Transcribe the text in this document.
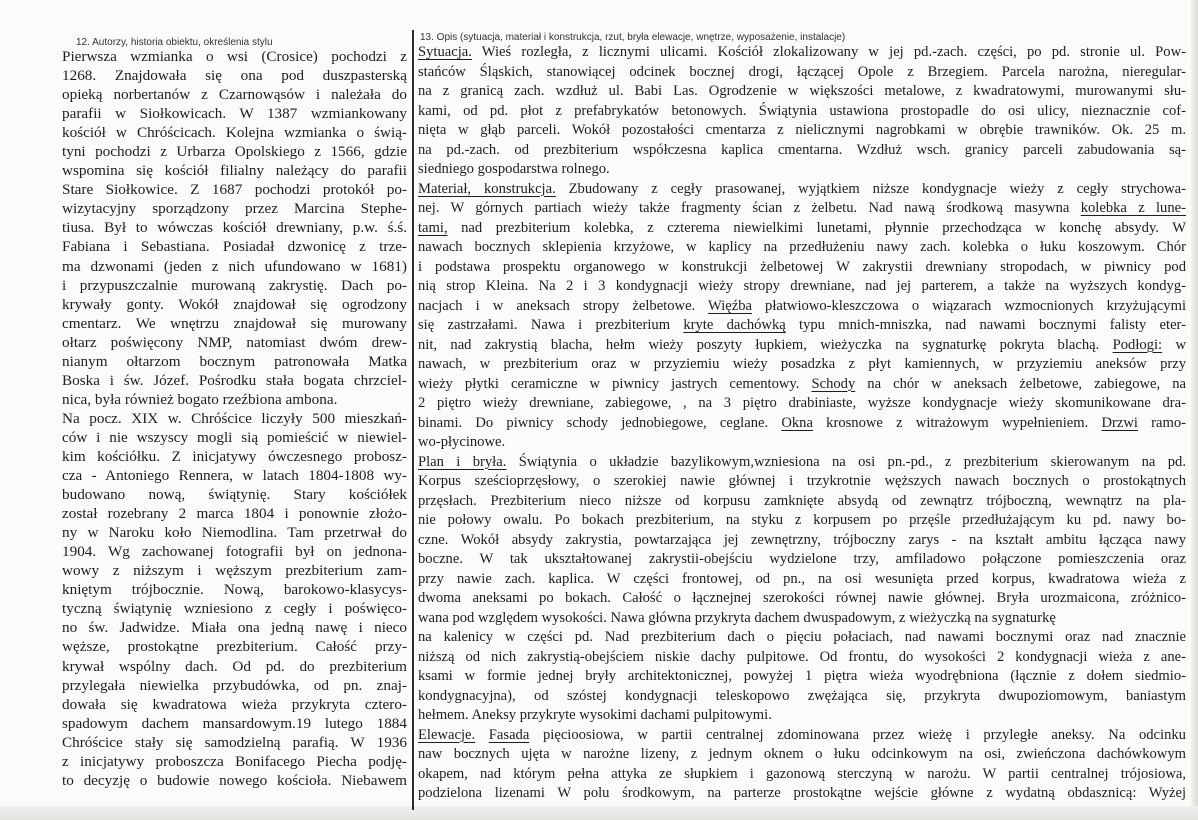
12. Autorzy, historia obiektu, określenia stylu	13. Opis (sytuacja, materiał i konstrukcja, rzut, bryła elewacje, wnętrze, wyposażenie, instalacje)
Pierwsza wzmianka o wsi (Crosice) pochodzi z
1268. Znajdowała się ona pod duszpasterską
opieką norbertanów z Czarnowąsów i należała do
parafii w Siołkowicach. W 1387 wzmiankowany
kościół w Chróścicach. Kolejna wzmianka o świą-
tyni pochodzi z Urbarza Opolskiego z 1566, gdzie
wspomina się kościół filialny należący do parafii
Stare Siołkowice. Z 1687 pochodzi protokół po-
wizytacyjny sporządzony przez Marcina Stephe-
tiusa. Był to wówczas kościół drewniany, p.w. ś.ś.
Fabiana i Sebastiana. Posiadał dzwonicę z trze-
ma dzwonami (jeden z nich ufundowano w 1681)
i przypuszczalnie murowaną zakrystię. Dach po-
krywały gonty. Wokół znajdował się ogrodzony
cmentarz. We wnętrzu znajdował się murowany
ołtarz poświęcony NMP, natomiast dwóm drew-
nianym ołtarzom bocznym patronowała Matka
Boska i św. Józef. Pośrodku stała bogata chrzciel-
nica, była również bogato rzeźbiona ambona.
Na pocz. XIX w. Chróścice liczyły 500 mieszkań-
ców i nie wszyscy mogli sią pomieścić w niewiel-
kim kościółku. Z inicjatywy ówczesnego probosz-
cza - Antoniego Rennera, w latach 1804-1808 wy-
budowano nową, świątynię. Stary kościółek
został rozebrany 2 marca 1804 i ponownie złożo-
ny w Naroku koło Niemodlina. Tam przetrwał do
1904. Wg zachowanej fotografii był on jednona-
wowy z niższym i węższym prezbiterium zam-
kniętym trójbocznie. Nową, barokowo-klasycys-
tyczną świątynię wzniesiono z cegły i poświęco-
no św. Jadwidze. Miała ona jedną nawę i nieco
węższe, prostokątne prezbiterium. Całość przy-
krywał wspólny dach. Od pd. do prezbiterium
przylegała niewielka przybudówka, od pn. znaj-
dowała się kwadratowa wieża przykryta cztero-
spadowym dachem mansardowym.19 lutego 1884
Chróścice stały się samodzielną parafią. W 1936
z inicjatywy proboszcza Bonifacego Piecha podję-
to decyzję o budowie nowego kościoła. Niebawem
Sytuacja. Wieś rozległa, z licznymi ulicami. Kościół zlokalizowany w jej pd.-zach. części, po pd. stronie ul. Pow-
stańców Śląskich, stanowiącej odcinek bocznej drogi, łączącej Opole z Brzegiem. Parcela narożna, nieregular-
na z granicą zach. wzdłuż ul. Babi Las. Ogrodzenie w większości metalowe, z kwadratowymi, murowanymi słu-
kami, od pd. płot z prefabrykatów betonowych. Świątynia ustawiona prostopadle do osi ulicy, nieznacznie cof-
nięta w głąb parceli. Wokół pozostałości cmentarza z nielicznymi nagrobkami w obrębie trawników. Ok. 25 m.
na pd.-zach. od prezbiterium współczesna kaplica cmentarna. Wzdłuż wsch. granicy parceli zabudowania są-
siedniego gospodarstwa rolnego.
Materiał, konstrukcja. Zbudowany z cegły prasowanej, wyjątkiem niższe kondygnacje wieży z cegły strychowa-
nej. W górnych partiach wieży także fragmenty ścian z żelbetu. Nad nawą środkową masywna kolebka z lune-
tami, nad prezbiterium kolebka, z czterema niewielkimi lunetami, płynnie przechodząca w konchę absydy. W
nawach bocznych sklepienia krzyżowe, w kaplicy na przedłużeniu nawy zach. kolebka o łuku koszowym. Chór
i podstawa prospektu organowego w konstrukcji żelbetowej W zakrystii drewniany stropodach, w piwnicy pod
nią strop Kleina. Na 2 i 3 kondygnacji wieży stropy drewniane, nad jej parterem, a także na wyższych kondyg-
nacjach i w aneksach stropy żelbetowe. Więźba płatwiowo-kleszczowa o wiązarach wzmocnionych krzyżującymi
się zastrzałami. Nawa i prezbiterium kryte dachówką typu mnich-mniszka, nad nawami bocznymi falisty eter-
nit, nad zakrystią blacha, hełm wieży poszyty łupkiem, wieżyczka na sygnaturkę pokryta blachą. Podłogi: w
nawach, w prezbiterium oraz w przyziemiu wieży posadzka z płyt kamiennych, w przyziemiu aneksów przy
wieży płytki ceramiczne w piwnicy jastrych cementowy. Schody na chór w aneksach żelbetowe, zabiegowe, na
2 piętro wieży drewniane, zabiegowe, , na 3 piętro drabiniaste, wyższe kondygnacje wieży skomunikowane dra-
binami. Do piwnicy schody jednobiegowe, ceglane. Okna krosnowe z witrażowym wypełnieniem. Drzwi ramo-
wo-płycinowe.
Plan i bryła. Świątynia o układzie bazylikowym,wzniesiona na osi pn.-pd., z prezbiterium skierowanym na pd.
Korpus sześcioprzęsłowy, o szerokiej nawie głównej i trzykrotnie węższych nawach bocznych o prostokątnych
przęsłach. Prezbiterium nieco niższe od korpusu zamknięte absydą od zewnątrz trójboczną, wewnątrz na pla-
nie połowy owalu. Po bokach prezbiterium, na styku z korpusem po przęśle przedłużającym ku pd. nawy bo-
czne. Wokół absydy zakrystia, powtarzająca jej zewnętrzny, trójboczny zarys - na kształt ambitu łącząca nawy
boczne. W tak ukształtowanej zakrystii-obejściu wydzielone trzy, amfiladowo połączone pomieszczenia oraz
przy nawie zach. kaplica. W części frontowej, od pn., na osi wesunięta przed korpus, kwadratowa wieża z
dwoma aneksami po bokach. Całość o łącznejnej szerokości równej nawie głównej. Bryła urozmaicona, zróżnico-
wana pod względem wysokości. Nawa główna przykryta dachem dwuspadowym, z wieżyczką na sygnaturkę
na kalenicy w części pd. Nad prezbiterium dach o pięciu połaciach, nad nawami bocznymi oraz nad znacznie
niższą od nich zakrystią-obejściem niskie dachy pulpitowe. Od frontu, do wysokości 2 kondygnacji wieża z ane-
ksami w formie jednej bryły architektonicznej, powyżej 1 piętra wieża wyodrębniona (łącznie z dołem siedmio-
kondygnacyjna), od szóstej kondygnacji teleskopowo zwężająca się, przykryta dwupoziomowym, baniastym
hełmem. Aneksy przykryte wysokimi dachami pulpitowymi.
Elewacje. Fasada pięcioosiowa, w partii centralnej zdominowana przez wieżę i przyległe aneksy. Na odcinku
naw bocznych ujęta w narożne lizeny, z jednym oknem o łuku odcinkowym na osi, zwieńczona dachówkowym
okapem, nad którym pełna attyka ze słupkiem i gazonową sterczyną w narożu. W partii centralnej trójosiowa,
podzielona lizenami W polu środkowym, na parterze prostokątne wejście główne z wydatną obdasznicą: Wyżej
